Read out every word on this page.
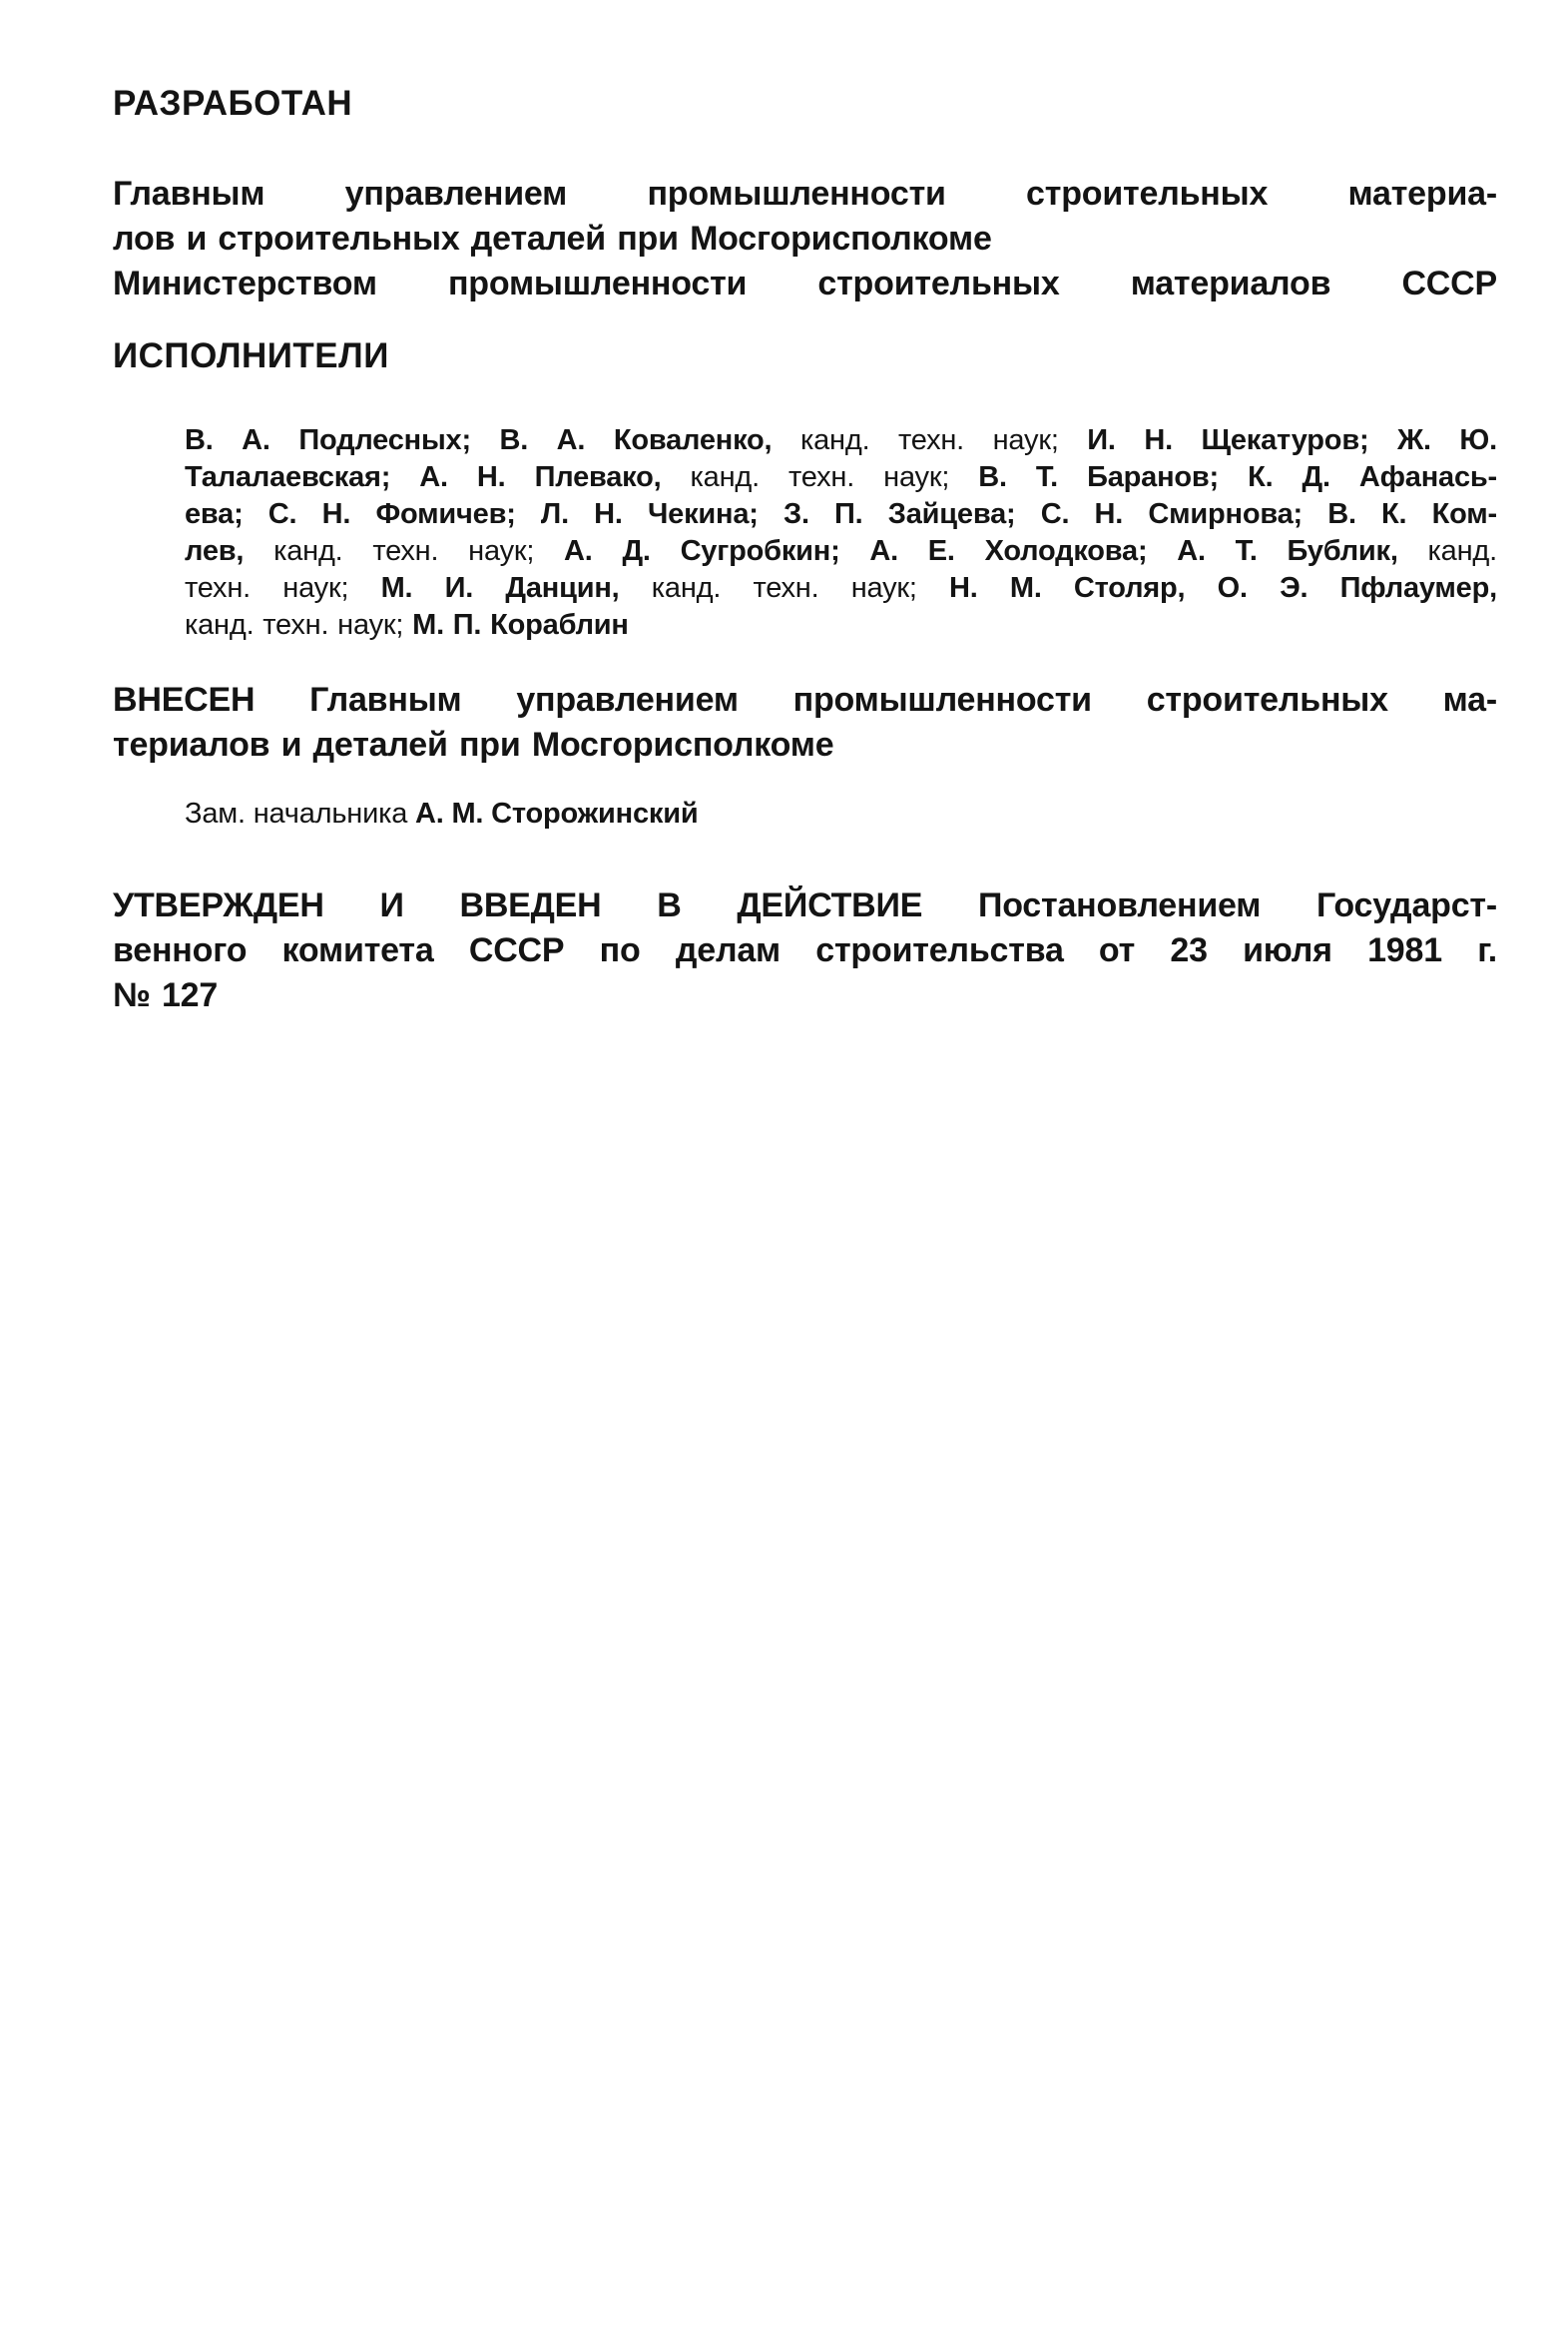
РАЗРАБОТАН
Главным управлением промышленности строительных материа-
лов и строительных деталей при Мосгорисполкоме
Министерством промышленности строительных материалов СССР
ИСПОЛНИТЕЛИ
В. А. Подлесных; В. А. Коваленко, канд. техн. наук; И. Н. Щекатуров; Ж. Ю.
Талалаевская; А. Н. Плевако, канд. техн. наук; В. Т. Баранов; К. Д. Афанась-
ева; С. Н. Фомичев; Л. Н. Чекина; З. П. Зайцева; С. Н. Смирнова; В. К. Ком-
лев, канд. техн. наук; А. Д. Сугробкин; А. Е. Холодкова; А. Т. Бублик, канд.
техн. наук; М. И. Данцин, канд. техн. наук; Н. М. Столяр, О. Э. Пфлаумер,
канд. техн. наук; М. П. Кораблин
ВНЕСЕН Главным управлением промышленности строительных ма-
териалов и деталей при Мосгорисполкоме
Зам. начальника А. М. Сторожинский
УТВЕРЖДЕН И ВВЕДЕН В ДЕЙСТВИЕ Постановлением Государст-
венного комитета СССР по делам строительства от 23 июля 1981 г.
№ 127
